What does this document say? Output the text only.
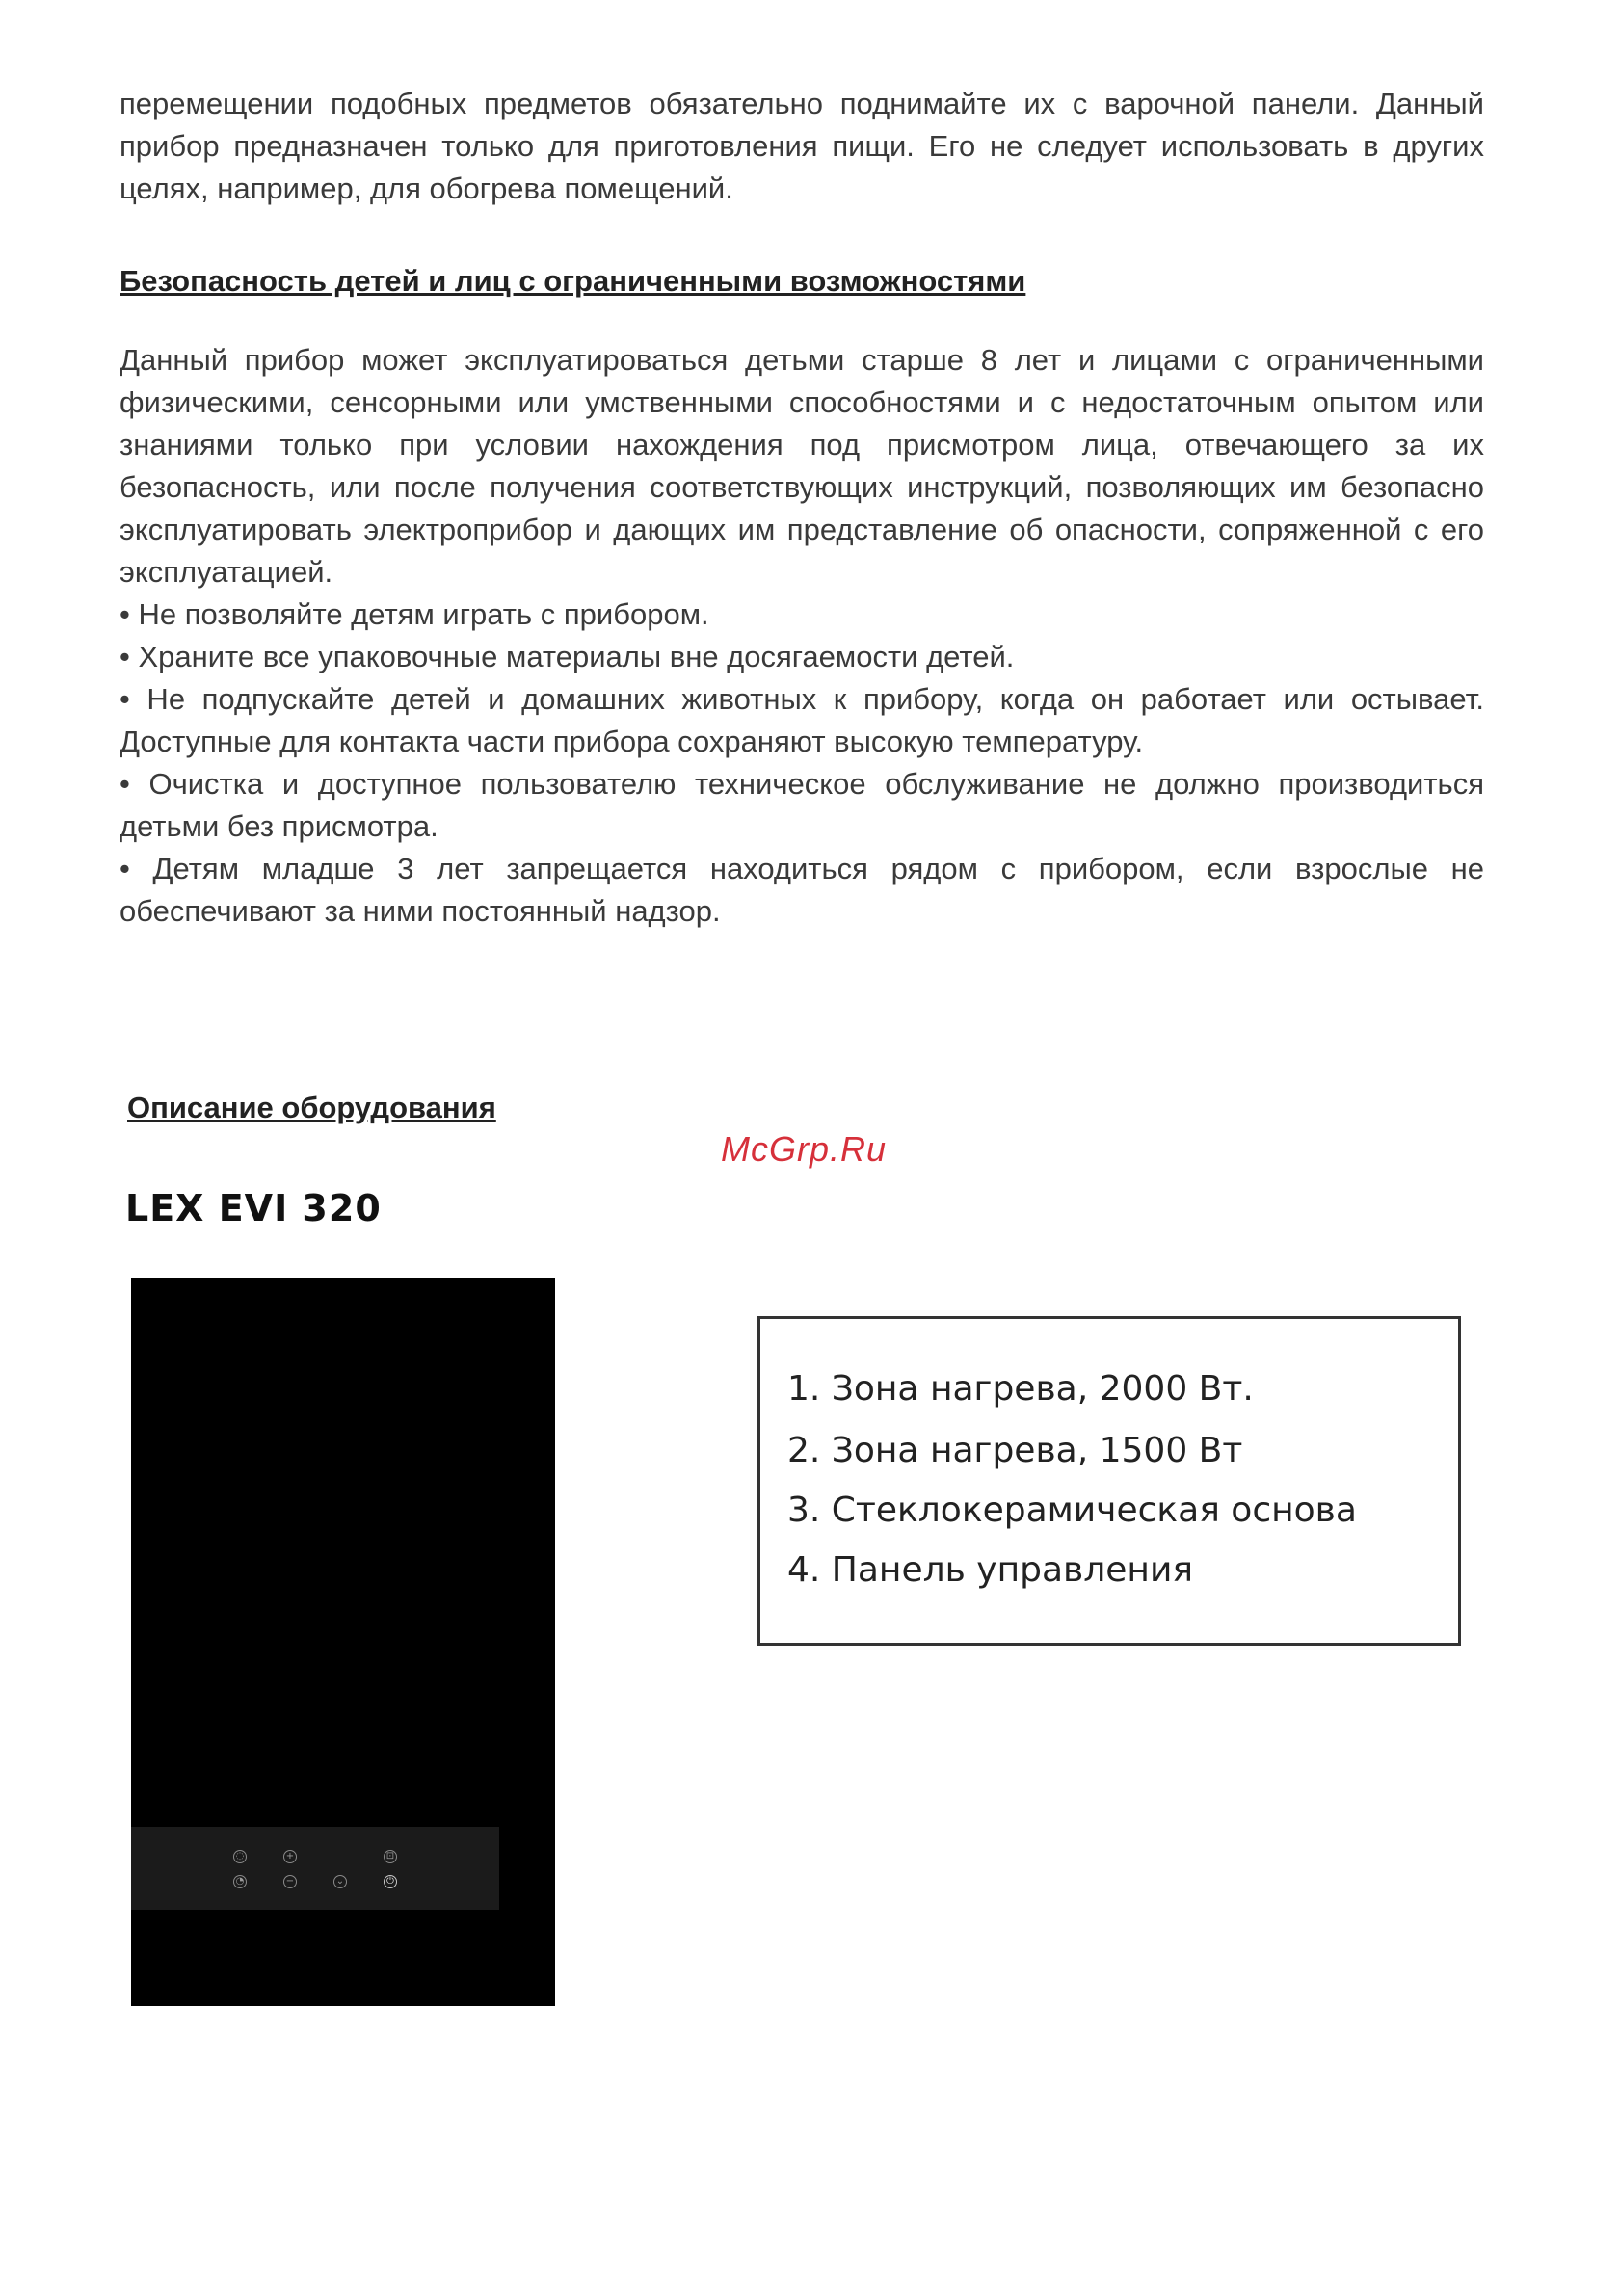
перемещении подобных предметов обязательно поднимайте их с варочной панели. Данный прибор предназначен только для приготовления пищи. Его не следует использовать в других целях, например, для обогрева помещений.

Безопасность детей и лиц с ограниченными возможностями

Данный прибор может эксплуатироваться детьми старше 8 лет и лицами с ограниченными физическими, сенсорными или умственными способностями и с недостаточным опытом или знаниями только при условии нахождения под присмотром лица, отвечающего за их безопасность, или после получения соответствующих инструкций, позволяющих им безопасно эксплуатировать электроприбор и дающих им представление об опасности, сопряженной с его эксплуатацией.

• Не позволяйте детям играть с прибором.

• Храните все упаковочные материалы вне досягаемости детей.

• Не подпускайте детей и домашних животных к прибору, когда он работает или остывает. Доступные для контакта части прибора сохраняют высокую температуру.

• Очистка и доступное пользователю техническое обслуживание не должно производиться детьми без присмотра.

• Детям младше 3 лет запрещается находиться рядом с прибором, если взрослые не обеспечивают за ними постоянный надзор.

Описание оборудования
McGrp.Ru
LEX EVI 320
◌	+	⊡
◔	−	⌄	⏻
1. Зона нагрева, 2000 Вт.
2. Зона нагрева, 1500 Вт
3. Стеклокерамическая основа
4. Панель управления
